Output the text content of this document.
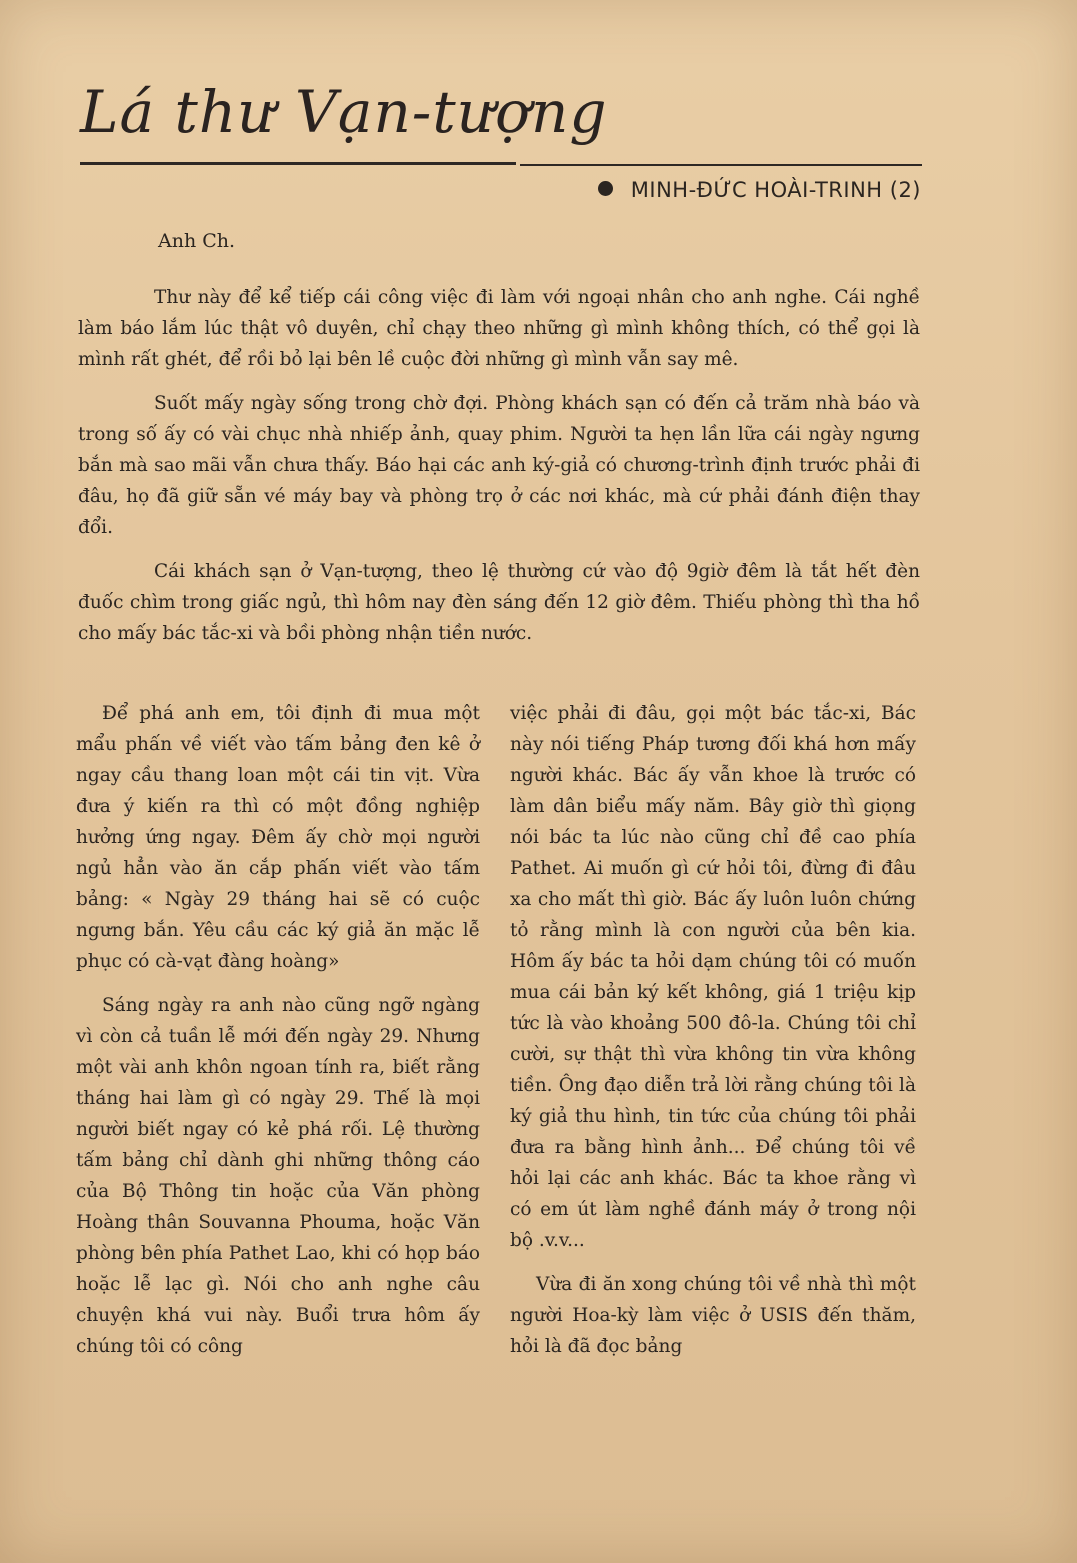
Lá thư Vạn-tượng
MINH-ĐỨC HOÀI-TRINH (2)

Anh Ch.

Thư này để kể tiếp cái công việc đi làm với ngoại nhân cho anh nghe. Cái nghề làm báo lắm lúc thật vô duyên, chỉ chạy theo những gì mình không thích, có thể gọi là mình rất ghét, để rồi bỏ lại bên lề cuộc đời những gì mình vẫn say mê.

Suốt mấy ngày sống trong chờ đợi. Phòng khách sạn có đến cả trăm nhà báo và trong số ấy có vài chục nhà nhiếp ảnh, quay phim. Người ta hẹn lần lữa cái ngày ngưng bắn mà sao mãi vẫn chưa thấy. Báo hại các anh ký-giả có chương-trình định trước phải đi đâu, họ đã giữ sẵn vé máy bay và phòng trọ ở các nơi khác, mà cứ phải đánh điện thay đổi.

Cái khách sạn ở Vạn-tượng, theo lệ thường cứ vào độ 9giờ đêm là tắt hết đèn đuốc chìm trong giấc ngủ, thì hôm nay đèn sáng đến 12 giờ đêm. Thiếu phòng thì tha hồ cho mấy bác tắc-xi và bồi phòng nhận tiền nước.

Để phá anh em, tôi định đi mua một mẩu phấn về viết vào tấm bảng đen kê ở ngay cầu thang loan một cái tin vịt. Vừa đưa ý kiến ra thì có một đồng nghiệp hưởng ứng ngay. Đêm ấy chờ mọi người ngủ hẳn vào ăn cắp phấn viết vào tấm bảng: « Ngày 29 tháng hai sẽ có cuộc ngưng bắn. Yêu cầu các ký giả ăn mặc lễ phục có cà-vạt đàng hoàng»

Sáng ngày ra anh nào cũng ngỡ ngàng vì còn cả tuần lễ mới đến ngày 29. Nhưng một vài anh khôn ngoan tính ra, biết rằng tháng hai làm gì có ngày 29. Thế là mọi người biết ngay có kẻ phá rối. Lệ thường tấm bảng chỉ dành ghi những thông cáo của Bộ Thông tin hoặc của Văn phòng Hoàng thân Souvanna Phouma, hoặc Văn phòng bên phía Pathet Lao, khi có họp báo hoặc lễ lạc gì. Nói cho anh nghe câu chuyện khá vui này. Buổi trưa hôm ấy chúng tôi có công

việc phải đi đâu, gọi một bác tắc-xi, Bác này nói tiếng Pháp tương đối khá hơn mấy người khác. Bác ấy vẫn khoe là trước có làm dân biểu mấy năm. Bây giờ thì giọng nói bác ta lúc nào cũng chỉ đề cao phía Pathet. Ai muốn gì cứ hỏi tôi, đừng đi đâu xa cho mất thì giờ. Bác ấy luôn luôn chứng tỏ rằng mình là con người của bên kia. Hôm ấy bác ta hỏi dạm chúng tôi có muốn mua cái bản ký kết không, giá 1 triệu kịp tức là vào khoảng 500 đô-la. Chúng tôi chỉ cười, sự thật thì vừa không tin vừa không tiền. Ông đạo diễn trả lời rằng chúng tôi là ký giả thu hình, tin tức của chúng tôi phải đưa ra bằng hình ảnh... Để chúng tôi về hỏi lại các anh khác. Bác ta khoe rằng vì có em út làm nghề đánh máy ở trong nội bộ .v.v...

Vừa đi ăn xong chúng tôi về nhà thì một người Hoa-kỳ làm việc ở USIS đến thăm, hỏi là đã đọc bảng
